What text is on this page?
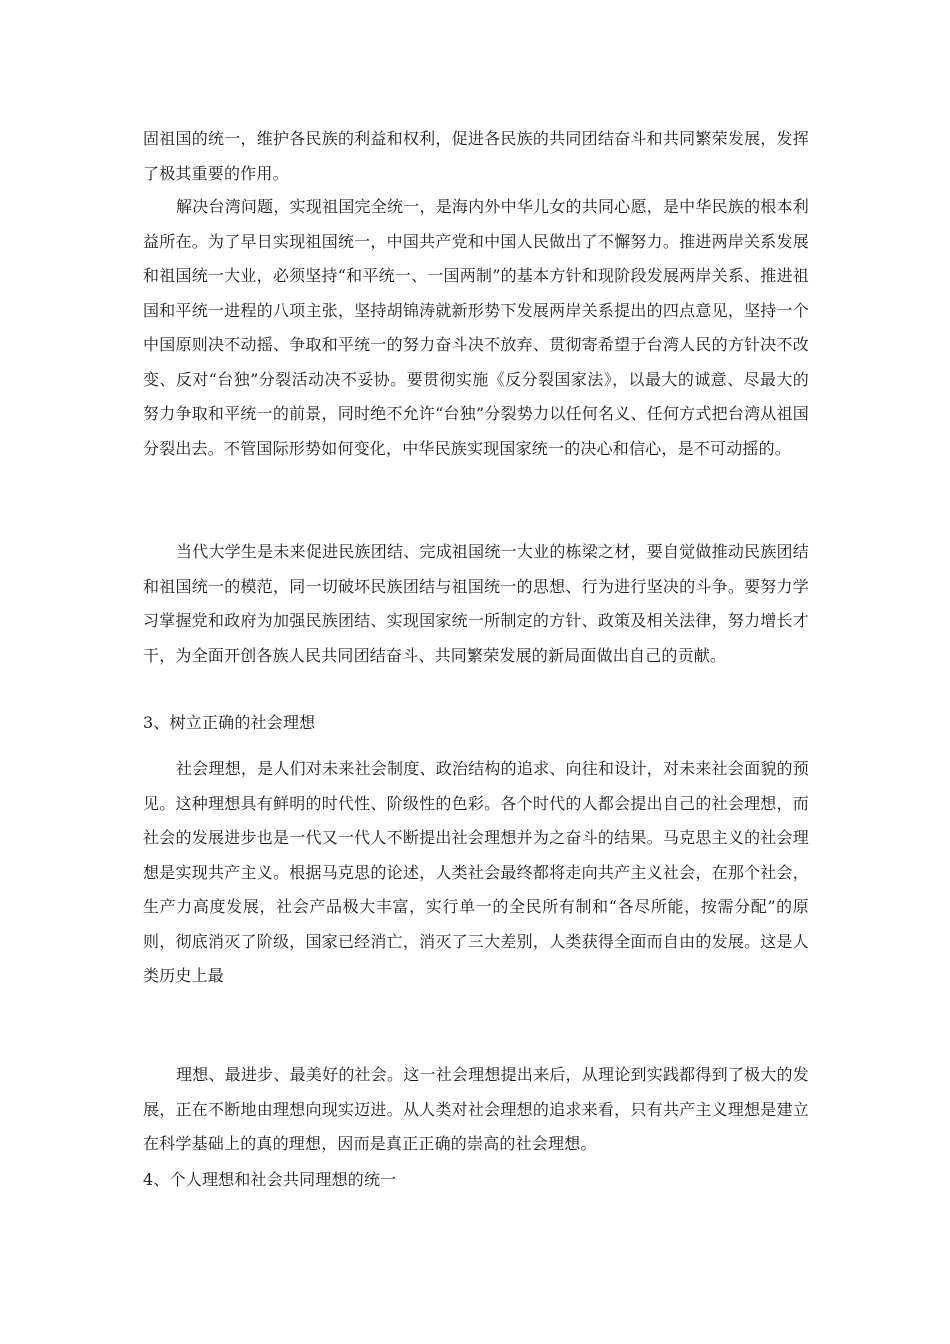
固祖国的统一，维护各民族的利益和权利，促进各民族的共同团结奋斗和共同繁荣发展，发挥了极其重要的作用。

解决台湾问题，实现祖国完全统一，是海内外中华儿女的共同心愿，是中华民族的根本利益所在。为了早日实现祖国统一，中国共产党和中国人民做出了不懈努力。推进两岸关系发展和祖国统一大业，必须坚持“和平统一、一国两制”的基本方针和现阶段发展两岸关系、推进祖国和平统一进程的八项主张，坚持胡锦涛就新形势下发展两岸关系提出的四点意见，坚持一个中国原则决不动摇、争取和平统一的努力奋斗决不放弃、贯彻寄希望于台湾人民的方针决不改变、反对“台独”分裂活动决不妥协。要贯彻实施《反分裂国家法》，以最大的诚意、尽最大的努力争取和平统一的前景，同时绝不允许“台独”分裂势力以任何名义、任何方式把台湾从祖国分裂出去。不管国际形势如何变化，中华民族实现国家统一的决心和信心，是不可动摇的。

当代大学生是未来促进民族团结、完成祖国统一大业的栋梁之材，要自觉做推动民族团结和祖国统一的模范，同一切破坏民族团结与祖国统一的思想、行为进行坚决的斗争。要努力学习掌握党和政府为加强民族团结、实现国家统一所制定的方针、政策及相关法律，努力增长才干，为全面开创各族人民共同团结奋斗、共同繁荣发展的新局面做出自己的贡献。

3、树立正确的社会理想

社会理想，是人们对未来社会制度、政治结构的追求、向往和设计，对未来社会面貌的预见。这种理想具有鲜明的时代性、阶级性的色彩。各个时代的人都会提出自己的社会理想，而社会的发展进步也是一代又一代人不断提出社会理想并为之奋斗的结果。马克思主义的社会理想是实现共产主义。根据马克思的论述，人类社会最终都将走向共产主义社会，在那个社会，生产力高度发展，社会产品极大丰富，实行单一的全民所有制和“各尽所能，按需分配”的原则，彻底消灭了阶级，国家已经消亡，消灭了三大差别，人类获得全面而自由的发展。这是人类历史上最

理想、最进步、最美好的社会。这一社会理想提出来后，从理论到实践都得到了极大的发展，正在不断地由理想向现实迈进。从人类对社会理想的追求来看，只有共产主义理想是建立在科学基础上的真的理想，因而是真正正确的崇高的社会理想。

4、个人理想和社会共同理想的统一
